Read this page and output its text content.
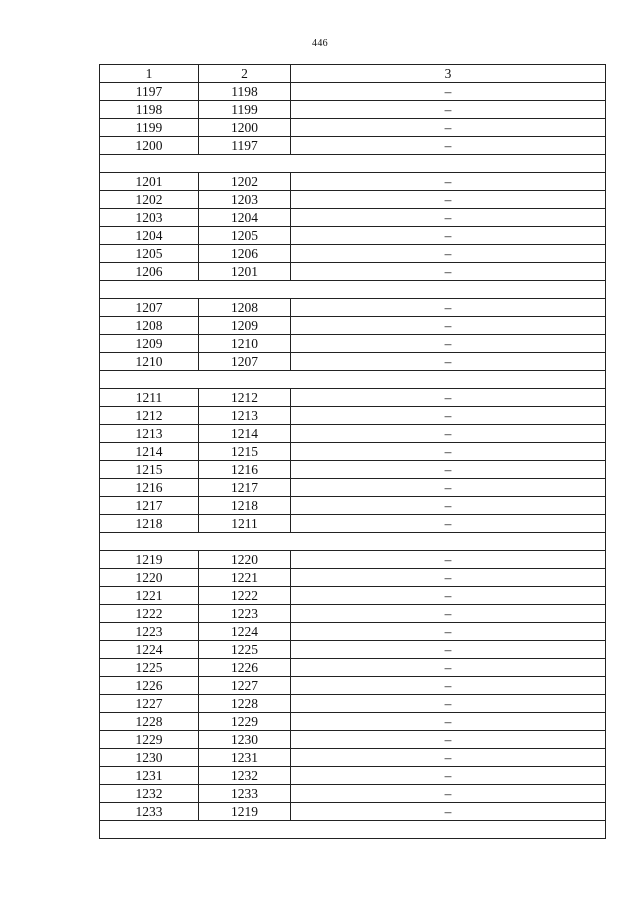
446
1	2	3
1197	1198	–
1198	1199	–
1199	1200	–
1200	1197	–

1201	1202	–
1202	1203	–
1203	1204	–
1204	1205	–
1205	1206	–
1206	1201	–

1207	1208	–
1208	1209	–
1209	1210	–
1210	1207	–

1211	1212	–
1212	1213	–
1213	1214	–
1214	1215	–
1215	1216	–
1216	1217	–
1217	1218	–
1218	1211	–

1219	1220	–
1220	1221	–
1221	1222	–
1222	1223	–
1223	1224	–
1224	1225	–
1225	1226	–
1226	1227	–
1227	1228	–
1228	1229	–
1229	1230	–
1230	1231	–
1231	1232	–
1232	1233	–
1233	1219	–
